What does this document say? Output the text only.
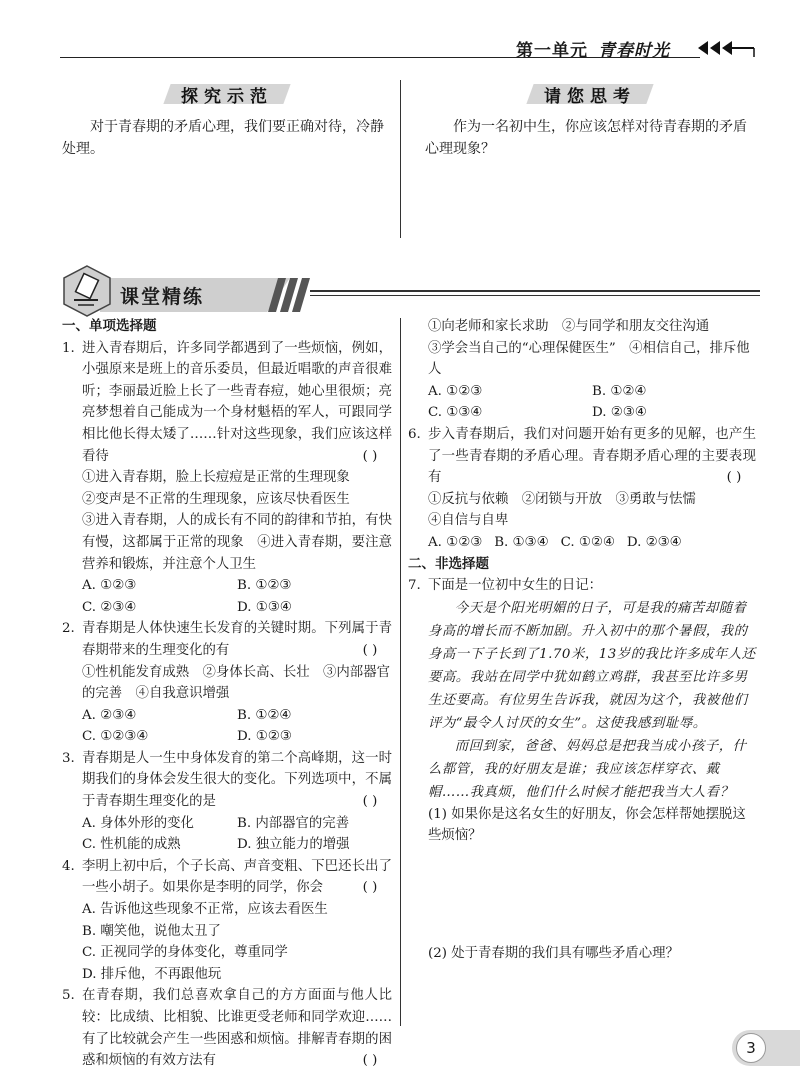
第一单元 青春时光
探究示范

对于青春期的矛盾心理，我们要正确对待，冷静处理。

请您思考

作为一名初中生，你应该怎样对待青春期的矛盾心理现象？

课堂精练

一、单项选择题

1. 进入青春期后，许多同学都遇到了一些烦恼，例如，小强原来是班上的音乐委员，但最近唱歌的声音很难听；李丽最近脸上长了一些青春痘，她心里很烦；亮亮梦想着自己能成为一个身材魁梧的军人，可跟同学相比他长得太矮了……针对这些现象，我们应该这样看待	( )

①进入青春期，脸上长痘痘是正常的生理现象

②变声是不正常的生理现象，应该尽快看医生

③进入青春期，人的成长有不同的韵律和节拍，有快有慢，这都属于正常的现象　④进入青春期，要注意营养和锻炼，并注意个人卫生

A. ①②③	B. ①②③
C. ②③④	D. ①③④
2. 青春期是人体快速生长发育的关键时期。下列属于青春期带来的生理变化的有	( )

①性机能发育成熟　②身体长高、长壮　③内部器官的完善　④自我意识增强

A. ②③④	B. ①②④
C. ①②③④	D. ①②③
3. 青春期是人一生中身体发育的第二个高峰期，这一时期我们的身体会发生很大的变化。下列选项中，不属于青春期生理变化的是	( )

A. 身体外形的变化	B. 内部器官的完善
C. 性机能的成熟	D. 独立能力的增强
4. 李明上初中后，个子长高、声音变粗、下巴还长出了一些小胡子。如果你是李明的同学，你会	( )

A. 告诉他这些现象不正常，应该去看医生

B. 嘲笑他，说他太丑了

C. 正视同学的身体变化，尊重同学

D. 排斥他，不再跟他玩

5. 在青春期，我们总喜欢拿自己的方方面面与他人比较：比成绩、比相貌、比谁更受老师和同学欢迎……有了比较就会产生一些困惑和烦恼。排解青春期的困惑和烦恼的有效方法有	( )

①向老师和家长求助　②与同学和朋友交往沟通

③学会当自己的“心理保健医生”　④相信自己，排斥他人

A. ①②③	B. ①②④
C. ①③④	D. ②③④
6. 步入青春期后，我们对问题开始有更多的见解，也产生了一些青春期的矛盾心理。青春期矛盾心理的主要表现有	( )

①反抗与依赖　②闭锁与开放　③勇敢与怯懦

④自信与自卑

A. ①②③ B. ①③④ C. ①②④ D. ②③④

二、非选择题

7. 下面是一位初中女生的日记：

今天是个阳光明媚的日子，可是我的痛苦却随着身高的增长而不断加剧。升入初中的那个暑假，我的身高一下子长到了1.70米，13岁的我比许多成年人还要高。我站在同学中犹如鹤立鸡群，我甚至比许多男生还要高。有位男生告诉我，就因为这个，我被他们评为“最令人讨厌的女生”。这使我感到耻辱。

而回到家，爸爸、妈妈总是把我当成小孩子，什么都管，我的好朋友是谁；我应该怎样穿衣、戴帽……我真烦，他们什么时候才能把我当大人看？

(1) 如果你是这名女生的好朋友，你会怎样帮她摆脱这些烦恼？

(2) 处于青春期的我们具有哪些矛盾心理？

3
